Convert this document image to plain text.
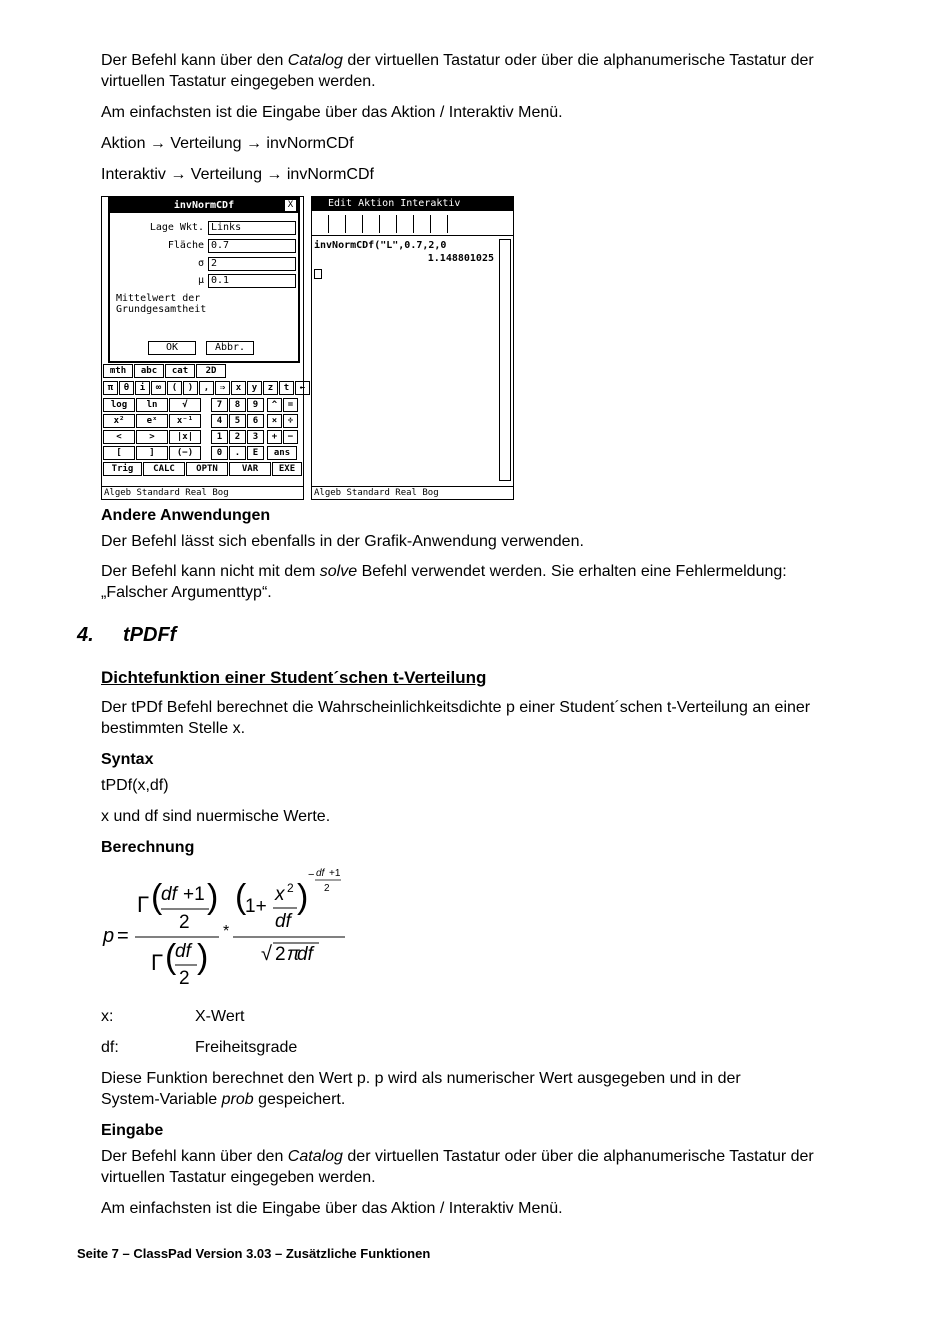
Der Befehl kann über den Catalog der virtuellen Tastatur oder über die alphanumerische Tastatur der virtuellen Tastatur eingegeben werden.

Am einfachsten ist die Eingabe über das Aktion / Interaktiv Menü.

Aktion → Verteilung → invNormCDf

Interaktiv → Verteilung → invNormCDf

invNormCDf	X
Lage Wkt. Links
Fläche 0.7
σ 2
μ 0.1
Mittelwert der Grundgesamtheit
OK	Abbr.
mth	abc	cat	2D
π	θ	i	∞	(	)	,	⇒	x	y	z	t	←
log	ln	√	7	8	9	^	=
x²	eˣ	x⁻¹	4	5	6	×	÷
<	>	|x|	1	2	3	+	−
[	]	(−)	0	.	E	ans
Trig	CALC	OPTN	VAR	EXE
Algeb Standard Real Bog
Edit Aktion Interaktiv
invNormCDf("L",0.7,2,0
1.148801025
Algeb Standard Real Bog

Andere Anwendungen

Der Befehl lässt sich ebenfalls in der Grafik-Anwendung verwenden.

Der Befehl kann nicht mit dem solve Befehl verwendet werden. Sie erhalten eine Fehlermeldung: „Falscher Argumenttyp“.

4. tPDFf
Dichtefunktion einer Student´schen t-Verteilung

Der tPDf Befehl berechnet die Wahrscheinlichkeitsdichte p einer Student´schen t-Verteilung an einer bestimmten Stelle x.

Syntax

tPDf(x,df)

x und df sind nuermische Werte.

Berechnung

p =
Γ (
df +1
2
)
Γ (
df
2
)
*
(
1+
x 2
df
)
− df +1
2
√ 2 π
df
x:	X-Wert
df:	Freiheitsgrade

Diese Funktion berechnet den Wert p. p wird als numerischer Wert ausgegeben und in der System-Variable prob gespeichert.

Eingabe

Der Befehl kann über den Catalog der virtuellen Tastatur oder über die alphanumerische Tastatur der virtuellen Tastatur eingegeben werden.

Am einfachsten ist die Eingabe über das Aktion / Interaktiv Menü.

Seite 7 – ClassPad Version 3.03 – Zusätzliche Funktionen
